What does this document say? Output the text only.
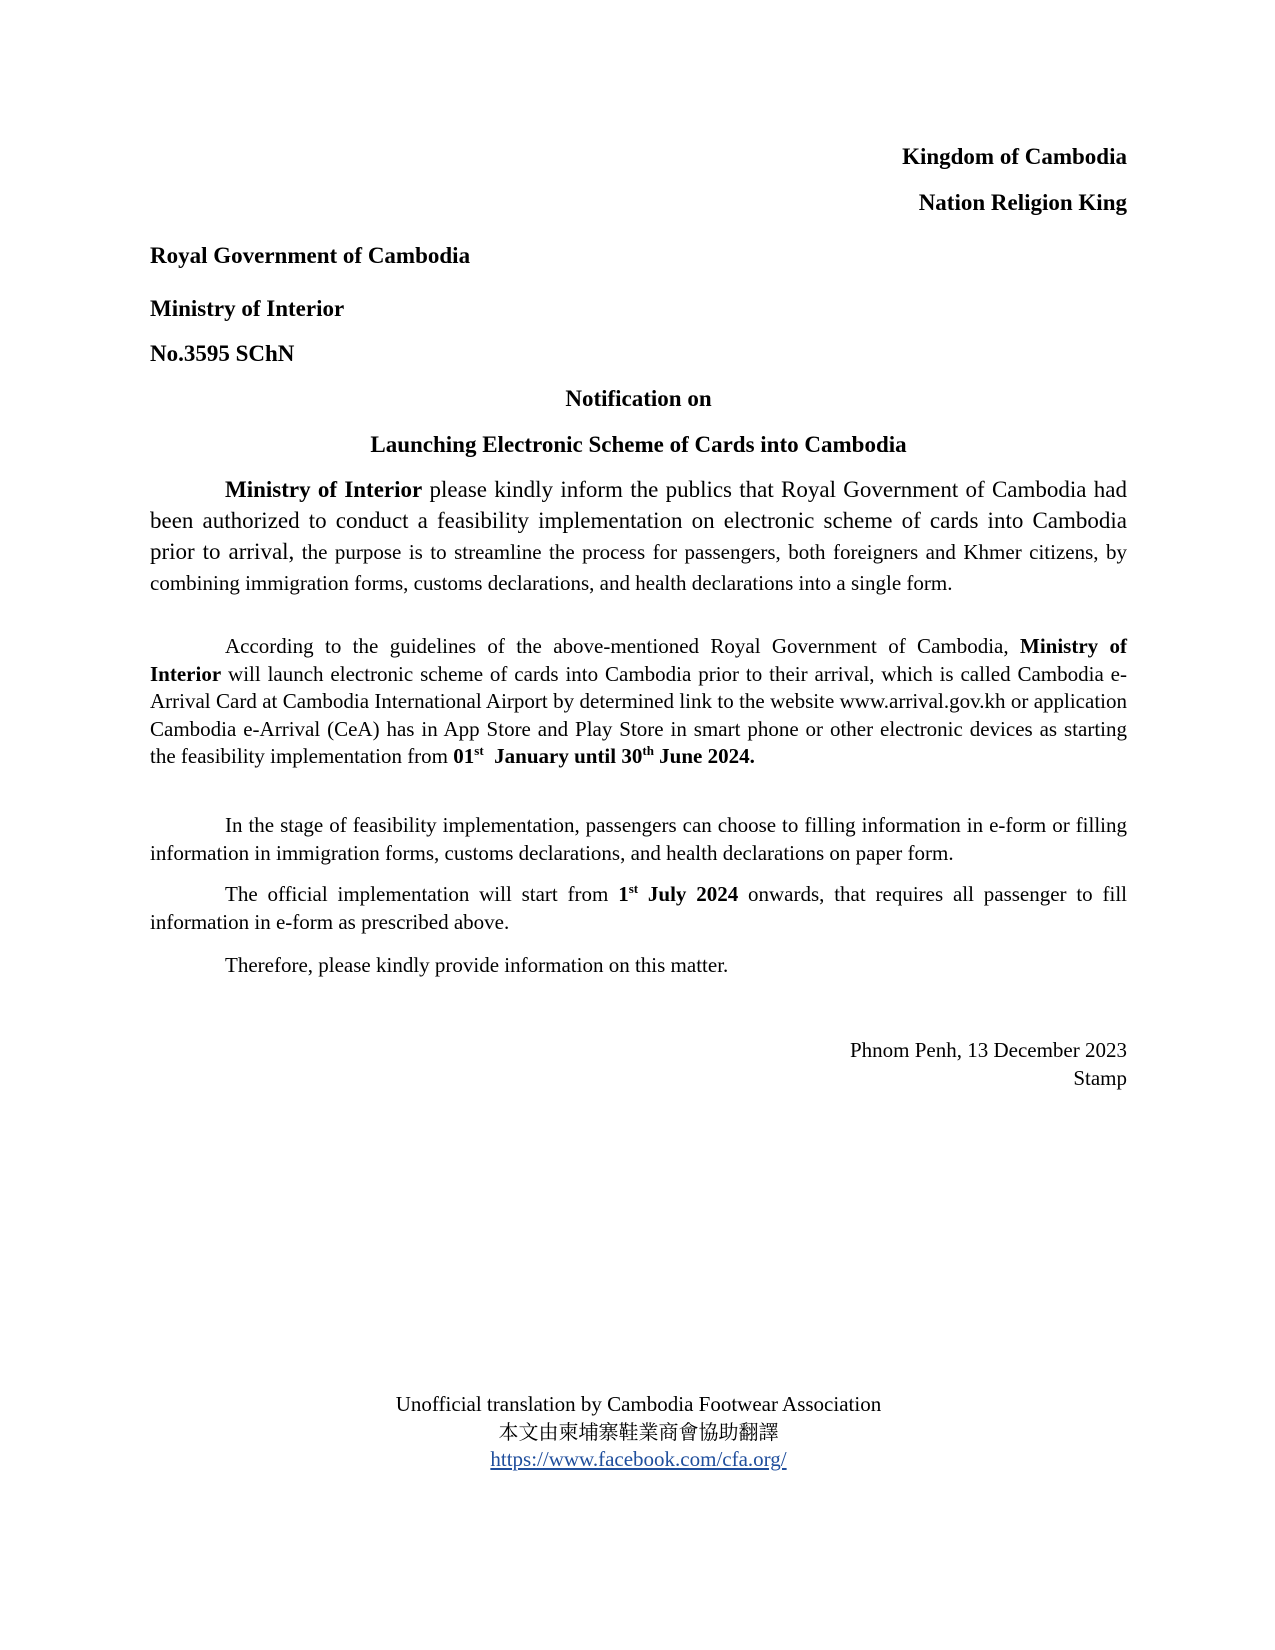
Kingdom of Cambodia
Nation Religion King
Royal Government of Cambodia
Ministry of Interior
No.3595 SChN
Notification on
Launching Electronic Scheme of Cards into Cambodia
Ministry of Interior please kindly inform the publics that Royal Government of Cambodia had been authorized to conduct a feasibility implementation on electronic scheme of cards into Cambodia prior to arrival, the purpose is to streamline the process for passengers, both foreigners and Khmer citizens, by combining immigration forms, customs declarations, and health declarations into a single form.
According to the guidelines of the above-mentioned Royal Government of Cambodia, Ministry of Interior will launch electronic scheme of cards into Cambodia prior to their arrival, which is called Cambodia e-Arrival Card at Cambodia International Airport by determined link to the website www.arrival.gov.kh or application Cambodia e-Arrival (CeA) has in App Store and Play Store in smart phone or other electronic devices as starting the feasibility implementation from 01st  January until 30th June 2024.
In the stage of feasibility implementation, passengers can choose to filling information in e-form or filling information in immigration forms, customs declarations, and health declarations on paper form.
The official implementation will start from 1st July 2024 onwards, that requires all passenger to fill information in e-form as prescribed above.
Therefore, please kindly provide information on this matter.
Phnom Penh, 13 December 2023
Stamp
Unofficial translation by Cambodia Footwear Association
本文由柬埔寨鞋業商會協助翻譯
https://www.facebook.com/cfa.org/
